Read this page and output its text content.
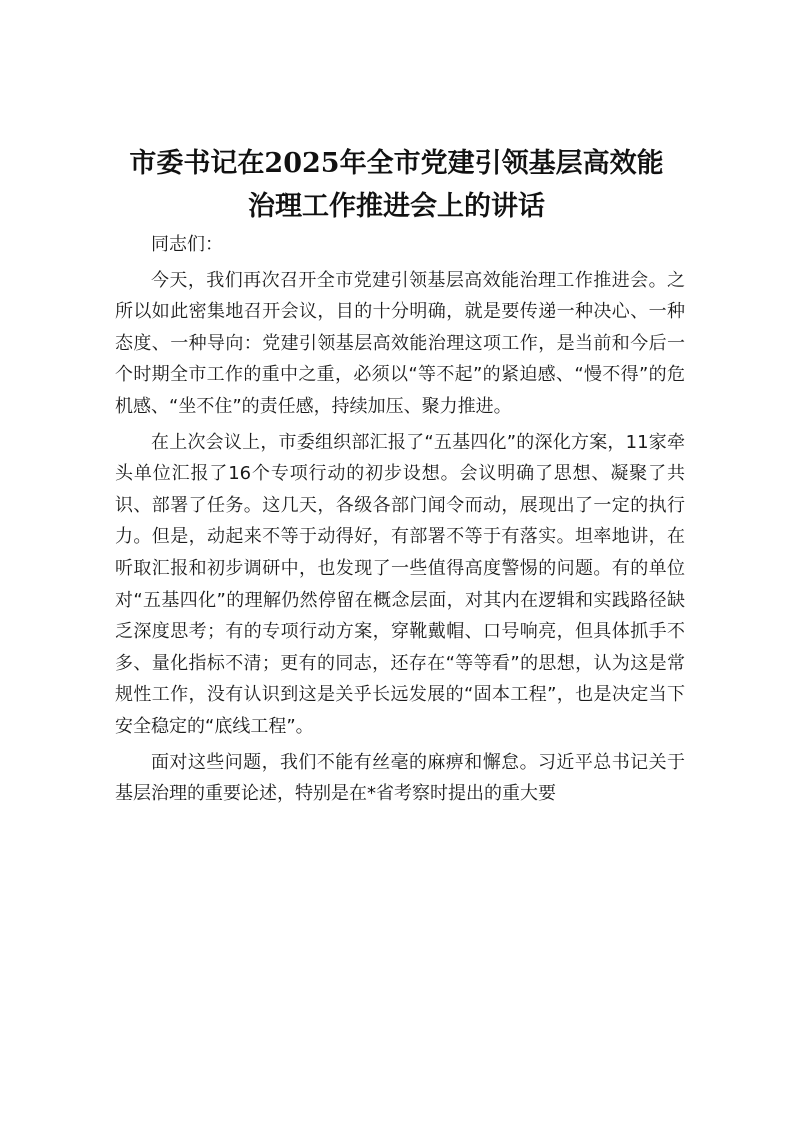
市委书记在2025年全市党建引领基层高效能
治理工作推进会上的讲话

同志们：

今天，我们再次召开全市党建引领基层高效能治理工作推进会。之所以如此密集地召开会议，目的十分明确，就是要传递一种决心、一种态度、一种导向：党建引领基层高效能治理这项工作，是当前和今后一个时期全市工作的重中之重，必须以“等不起”的紧迫感、“慢不得”的危机感、“坐不住”的责任感，持续加压、聚力推进。

在上次会议上，市委组织部汇报了“五基四化”的深化方案，11家牵头单位汇报了16个专项行动的初步设想。会议明确了思想、凝聚了共识、部署了任务。这几天，各级各部门闻令而动，展现出了一定的执行力。但是，动起来不等于动得好，有部署不等于有落实。坦率地讲，在听取汇报和初步调研中，也发现了一些值得高度警惕的问题。有的单位对“五基四化”的理解仍然停留在概念层面，对其内在逻辑和实践路径缺乏深度思考；有的专项行动方案，穿靴戴帽、口号响亮，但具体抓手不多、量化指标不清；更有的同志，还存在“等等看”的思想，认为这是常规性工作，没有认识到这是关乎长远发展的“固本工程”，也是决定当下安全稳定的“底线工程”。

面对这些问题，我们不能有丝毫的麻痹和懈怠。习近平总书记关于基层治理的重要论述，特别是在*省考察时提出的重大要
